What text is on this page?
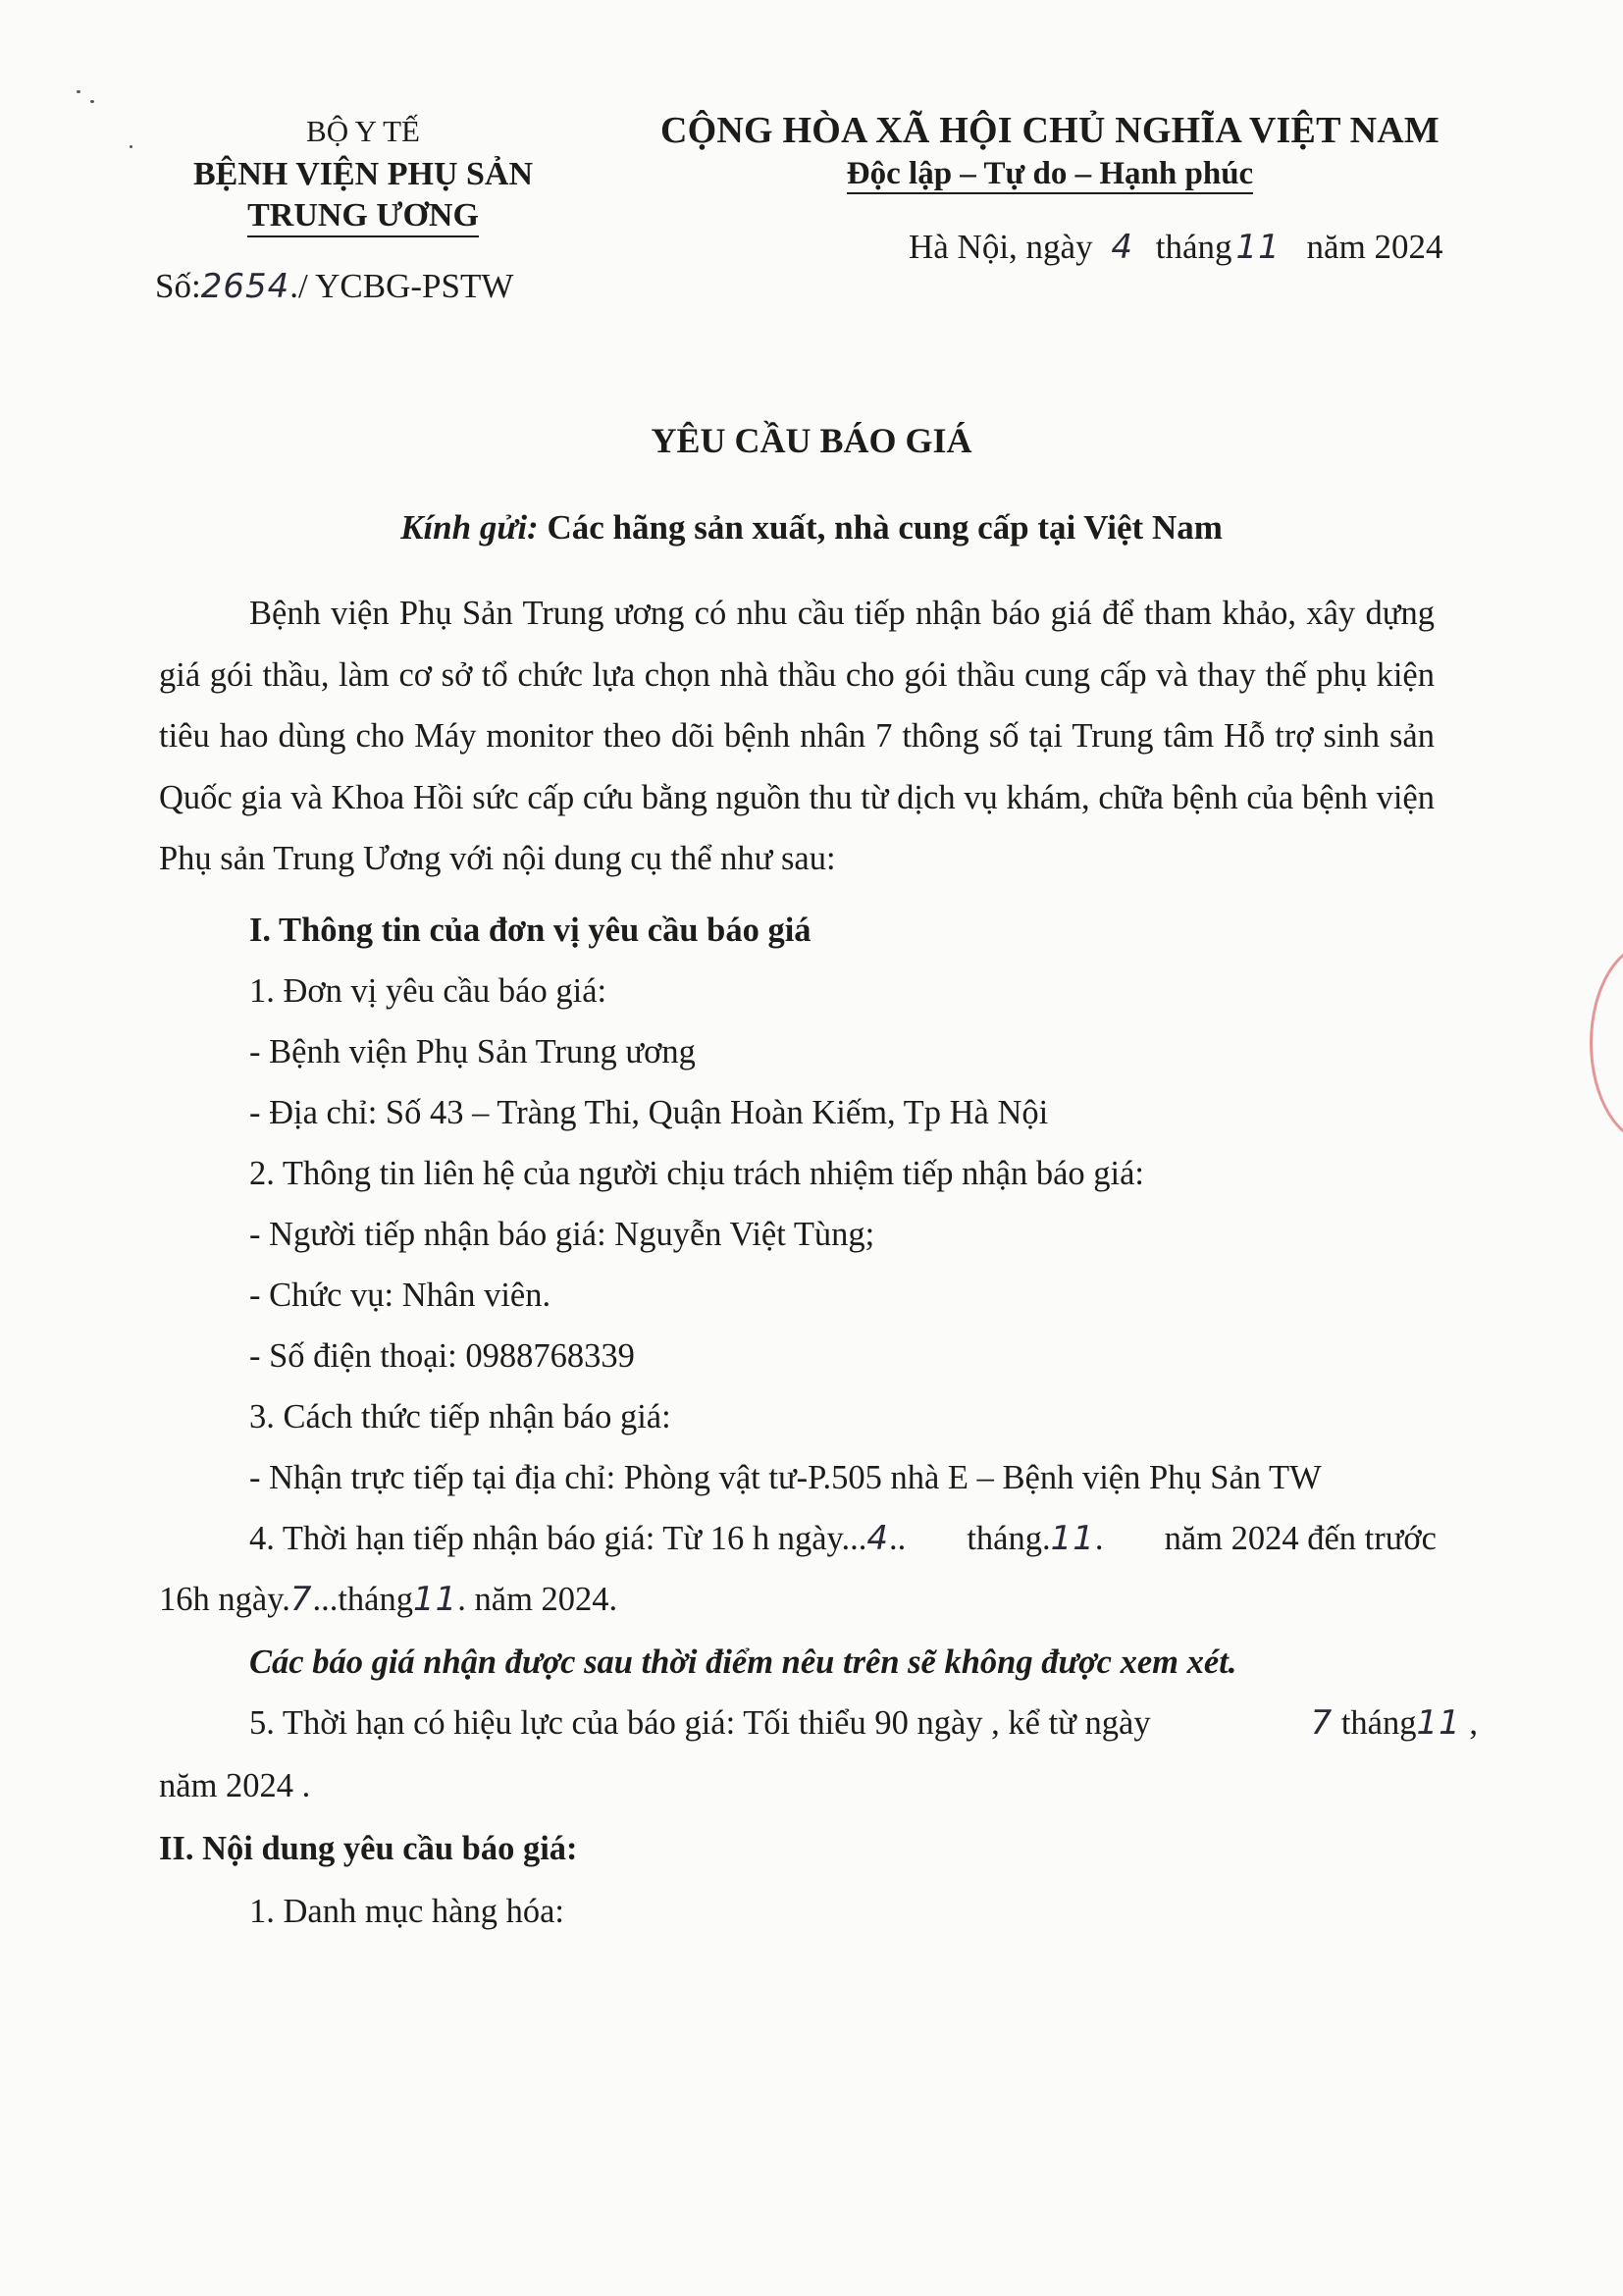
BỘ Y TẾ
BỆNH VIỆN PHỤ SẢN
TRUNG ƯƠNG
Số:2654./ YCBG-PSTW
CỘNG HÒA XÃ HỘI CHỦ NGHĨA VIỆT NAM
Độc lập – Tự do – Hạnh phúc
Hà Nội, ngày 4 tháng 11 năm 2024
YÊU CẦU BÁO GIÁ
Kính gửi: Các hãng sản xuất, nhà cung cấp tại Việt Nam
Bệnh viện Phụ Sản Trung ương có nhu cầu tiếp nhận báo giá để tham khảo, xây dựng giá gói thầu, làm cơ sở tổ chức lựa chọn nhà thầu cho gói thầu cung cấp và thay thế phụ kiện tiêu hao dùng cho Máy monitor theo dõi bệnh nhân 7 thông số tại Trung tâm Hỗ trợ sinh sản Quốc gia và Khoa Hồi sức cấp cứu bằng nguồn thu từ dịch vụ khám, chữa bệnh của bệnh viện Phụ sản Trung Ương với nội dung cụ thể như sau:
I. Thông tin của đơn vị yêu cầu báo giá
1. Đơn vị yêu cầu báo giá:
- Bệnh viện Phụ Sản Trung ương
- Địa chỉ: Số 43 – Tràng Thi, Quận Hoàn Kiếm, Tp Hà Nội
2. Thông tin liên hệ của người chịu trách nhiệm tiếp nhận báo giá:
- Người tiếp nhận báo giá: Nguyễn Việt Tùng;
- Chức vụ: Nhân viên.
- Số điện thoại: 0988768339
3. Cách thức tiếp nhận báo giá:
- Nhận trực tiếp tại địa chỉ: Phòng vật tư-P.505 nhà E – Bệnh viện Phụ Sản TW
4. Thời hạn tiếp nhận báo giá: Từ 16 h ngày...4.. tháng.11. năm 2024 đến trước
16h ngày.7...tháng11. năm 2024.
Các báo giá nhận được sau thời điểm nêu trên sẽ không được xem xét.
5. Thời hạn có hiệu lực của báo giá: Tối thiểu 90 ngày , kể từ ngày	7 tháng11 ,
năm 2024 .
II. Nội dung yêu cầu báo giá:
1. Danh mục hàng hóa:
